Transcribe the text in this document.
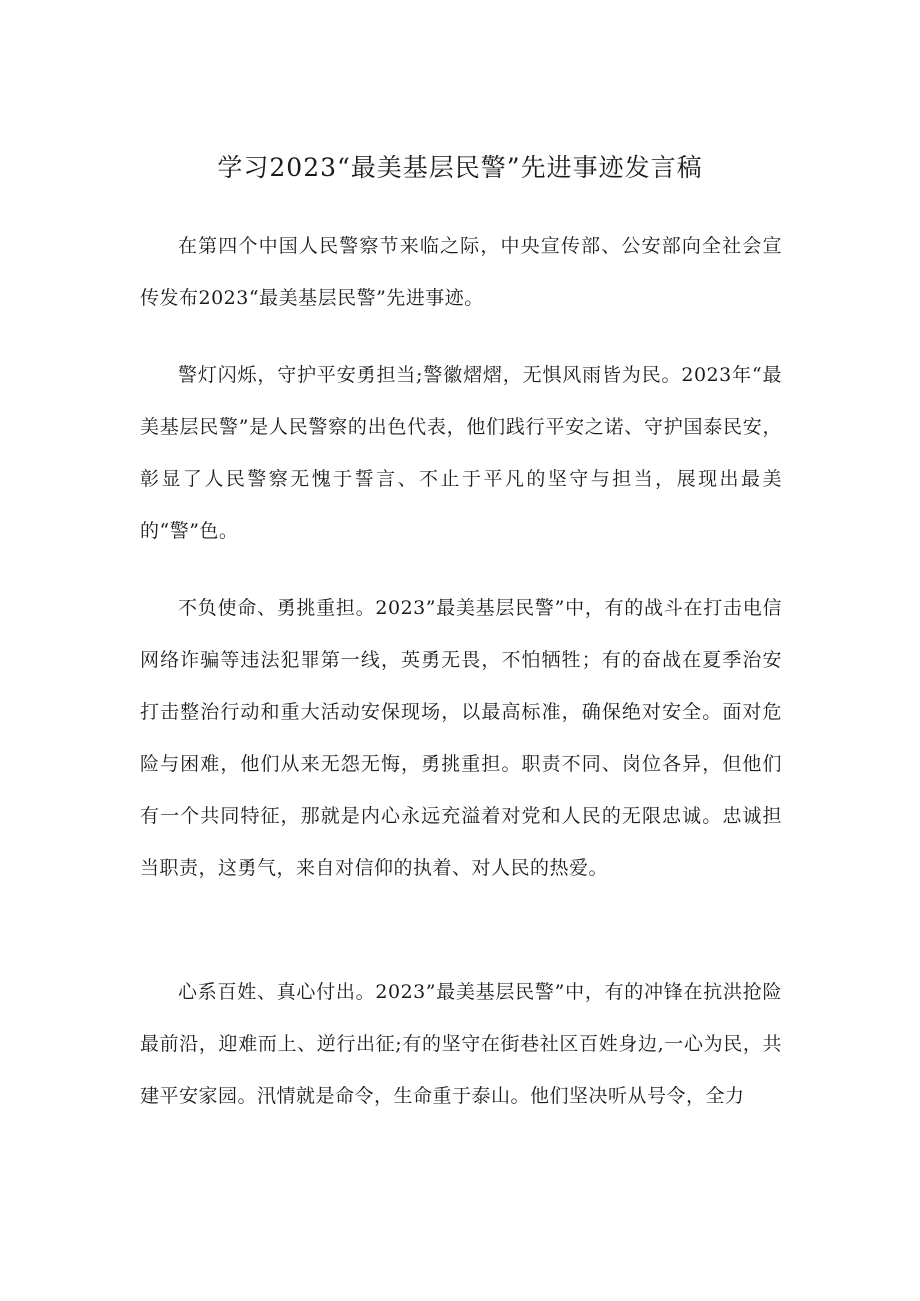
学习2023“最美基层民警”先进事迹发言稿

在第四个中国人民警察节来临之际，中央宣传部、公安部向全社会宣传发布2023“最美基层民警”先进事迹。

警灯闪烁，守护平安勇担当;警徽熠熠，无惧风雨皆为民。2023年“最美基层民警”是人民警察的出色代表，他们践行平安之诺、守护国泰民安，彰显了人民警察无愧于誓言、不止于平凡的坚守与担当，展现出最美的“警”色。

不负使命、勇挑重担。2023”最美基层民警”中，有的战斗在打击电信网络诈骗等违法犯罪第一线，英勇无畏，不怕牺牲；有的奋战在夏季治安打击整治行动和重大活动安保现场，以最高标准，确保绝对安全。面对危险与困难，他们从来无怨无悔，勇挑重担。职责不同、岗位各异，但他们有一个共同特征，那就是内心永远充溢着对党和人民的无限忠诚。忠诚担当职责，这勇气，来自对信仰的执着、对人民的热爱。

心系百姓、真心付出。2023”最美基层民警”中，有的冲锋在抗洪抢险最前沿，迎难而上、逆行出征;有的坚守在街巷社区百姓身边,一心为民，共建平安家园。汛情就是命令，生命重于泰山。他们坚决听从号令，全力
